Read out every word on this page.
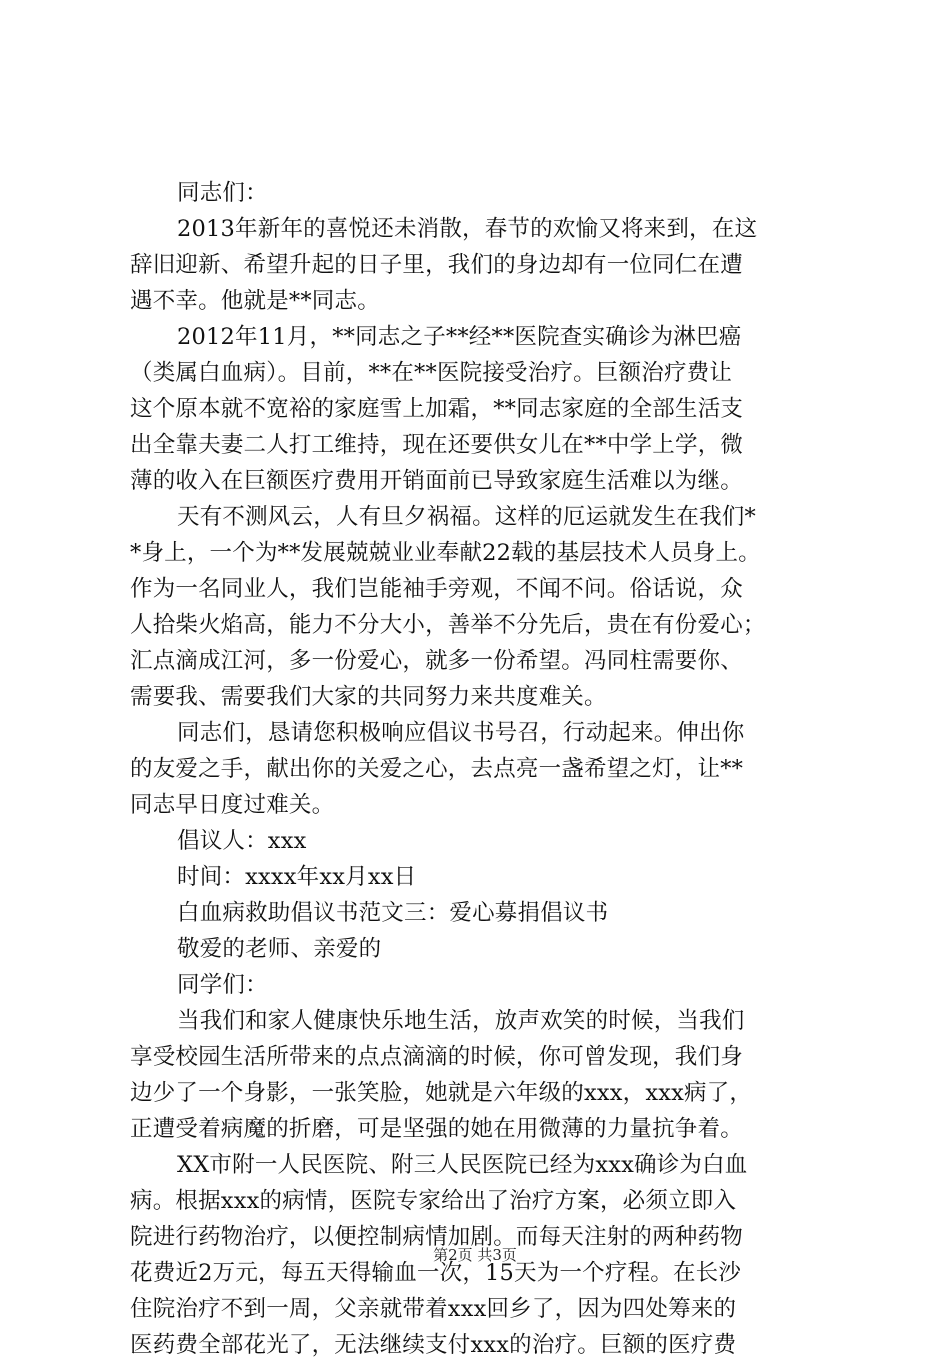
同志们：
2013年新年的喜悦还未消散，春节的欢愉又将来到，在这
辞旧迎新、希望升起的日子里，我们的身边却有一位同仁在遭
遇不幸。他就是**同志。
2012年11月，**同志之子**经**医院查实确诊为淋巴癌
（类属白血病）。目前，**在**医院接受治疗。巨额治疗费让
这个原本就不宽裕的家庭雪上加霜，**同志家庭的全部生活支
出全靠夫妻二人打工维持，现在还要供女儿在**中学上学，微
薄的收入在巨额医疗费用开销面前已导致家庭生活难以为继。
天有不测风云，人有旦夕祸福。这样的厄运就发生在我们*
*身上，一个为**发展兢兢业业奉献22载的基层技术人员身上。
作为一名同业人，我们岂能袖手旁观，不闻不问。俗话说，众
人拾柴火焰高，能力不分大小，善举不分先后，贵在有份爱心；
汇点滴成江河，多一份爱心，就多一份希望。冯同柱需要你、
需要我、需要我们大家的共同努力来共度难关。
同志们，恳请您积极响应倡议书号召，行动起来。伸出你
的友爱之手，献出你的关爱之心，去点亮一盏希望之灯，让**
同志早日度过难关。
倡议人：xxx
时间：xxxx年xx月xx日
白血病救助倡议书范文三：爱心募捐倡议书
敬爱的老师、亲爱的
同学们：
当我们和家人健康快乐地生活，放声欢笑的时候，当我们
享受校园生活所带来的点点滴滴的时候，你可曾发现，我们身
边少了一个身影，一张笑脸，她就是六年级的xxx，xxx病了，
正遭受着病魔的折磨，可是坚强的她在用微薄的力量抗争着。
XX市附一人民医院、附三人民医院已经为xxx确诊为白血
病。根据xxx的病情，医院专家给出了治疗方案，必须立即入
院进行药物治疗，以便控制病情加剧。而每天注射的两种药物
花费近2万元，每五天得输血一次，15天为一个疗程。在长沙
住院治疗不到一周，父亲就带着xxx回乡了，因为四处筹来的
医药费全部花光了，无法继续支付xxx的治疗。巨额的医疗费
第2页 共3页
